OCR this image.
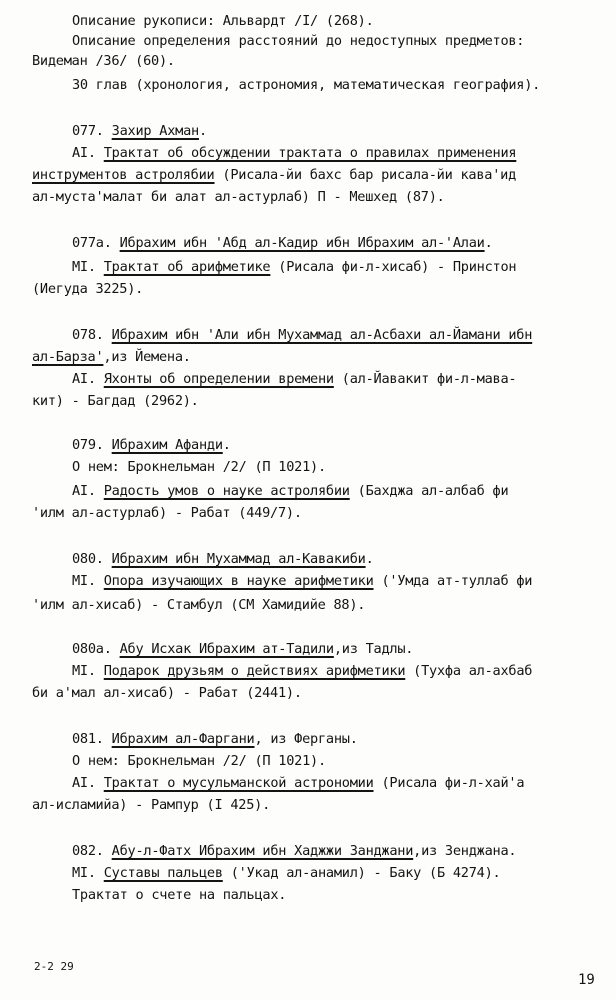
Описание рукописи: Альвардт /I/ (268).

Описание определения расстояний до недоступных предметов:

Видеман /36/ (60).

30 глав (хронология, астрономия, математическая география).

077. Захир Ахман.

AI. Трактат об обсуждении трактата о правилах применения

инструментов астролябии (Рисала-йи бахс бар рисала-йи кава'ид

ал-муста'малат би алат ал-астурлаб) П - Мешхед (87).

077а. Ибрахим ибн 'Абд ал-Кадир ибн Ибрахим ал-'Алаи.

MI. Трактат об арифметике (Рисала фи-л-хисаб) - Принстон

(Иегуда 3225).

078. Ибрахим ибн 'Али ибн Мухаммад ал-Асбахи ал-Йамани ибн

ал-Барза',из Йемена.

AI. Яхонты об определении времени (ал-Йавакит фи-л-мава-

кит) - Багдад (2962).

079. Ибрахим Афанди.

О нем: Брокнельман /2/ (П 1021).

AI. Радость умов о науке астролябии (Бахджа ал-албаб фи

'илм ал-астурлаб) - Рабат (449/7).

080. Ибрахим ибн Мухаммад ал-Кавакиби.

MI. Опора изучающих в науке арифметики ('Умда ат-туллаб фи

'илм ал-хисаб) - Стамбул (СМ Хамидийе 88).

080а. Абу Исхак Ибрахим ат-Тадили,из Тадлы.

MI. Подарок друзьям о действиях арифметики (Тухфа ал-ахбаб

би а'мал ал-хисаб) - Рабат (2441).

081. Ибрахим ал-Фаргани, из Ферганы.

О нем: Брокнельман /2/ (П 1021).

AI. Трактат о мусульманской астрономии (Рисала фи-л-хай'а

ал-исламийа) - Рампур (I 425).

082. Абу-л-Фатх Ибрахим ибн Хаджжи Занджани,из Зенджана.

MI. Суставы пальцев ('Укад ал-анамил) - Баку (Б 4274).

Трактат о счете на пальцах.

2-2 29
19
